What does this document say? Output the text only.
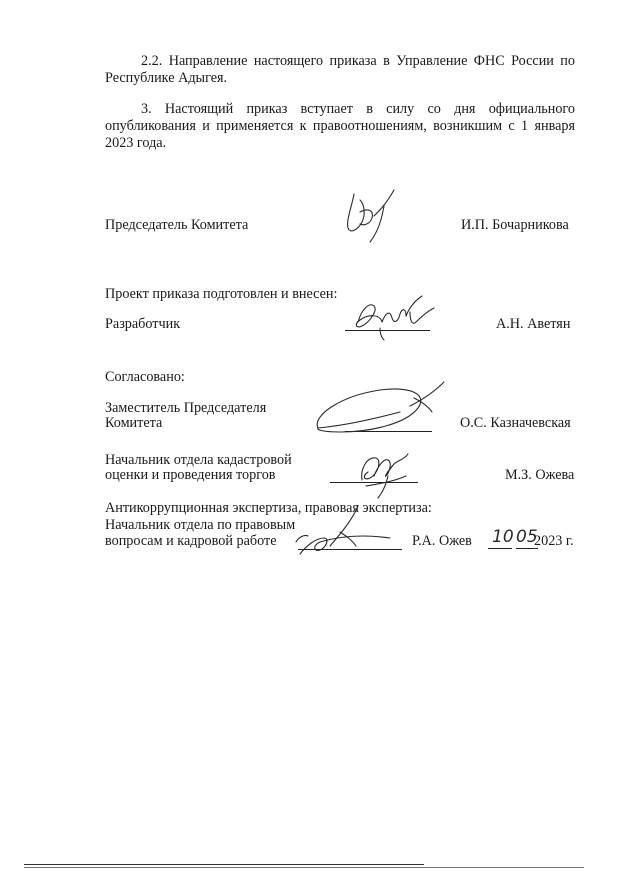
2.2. Направление настоящего приказа в Управление ФНС России по Республике Адыгея.
3. Настоящий приказ вступает в силу со дня официального опубликования и применяется к правоотношениям, возникшим с 1 января 2023 года.
Председатель Комитета	И.П. Бочарникова
Проект приказа подготовлен и внесен:
Разработчик	А.Н. Аветян
Согласовано:
Заместитель Председателя
Комитета	О.С. Казначевская
Начальник отдела кадастровой
оценки и проведения торгов	М.З. Ожева
Антикоррупционная экспертиза, правовая экспертиза:
Начальник отдела по правовым
вопросам и кадровой работе	Р.А. Ожев 10 05
2023 г.
